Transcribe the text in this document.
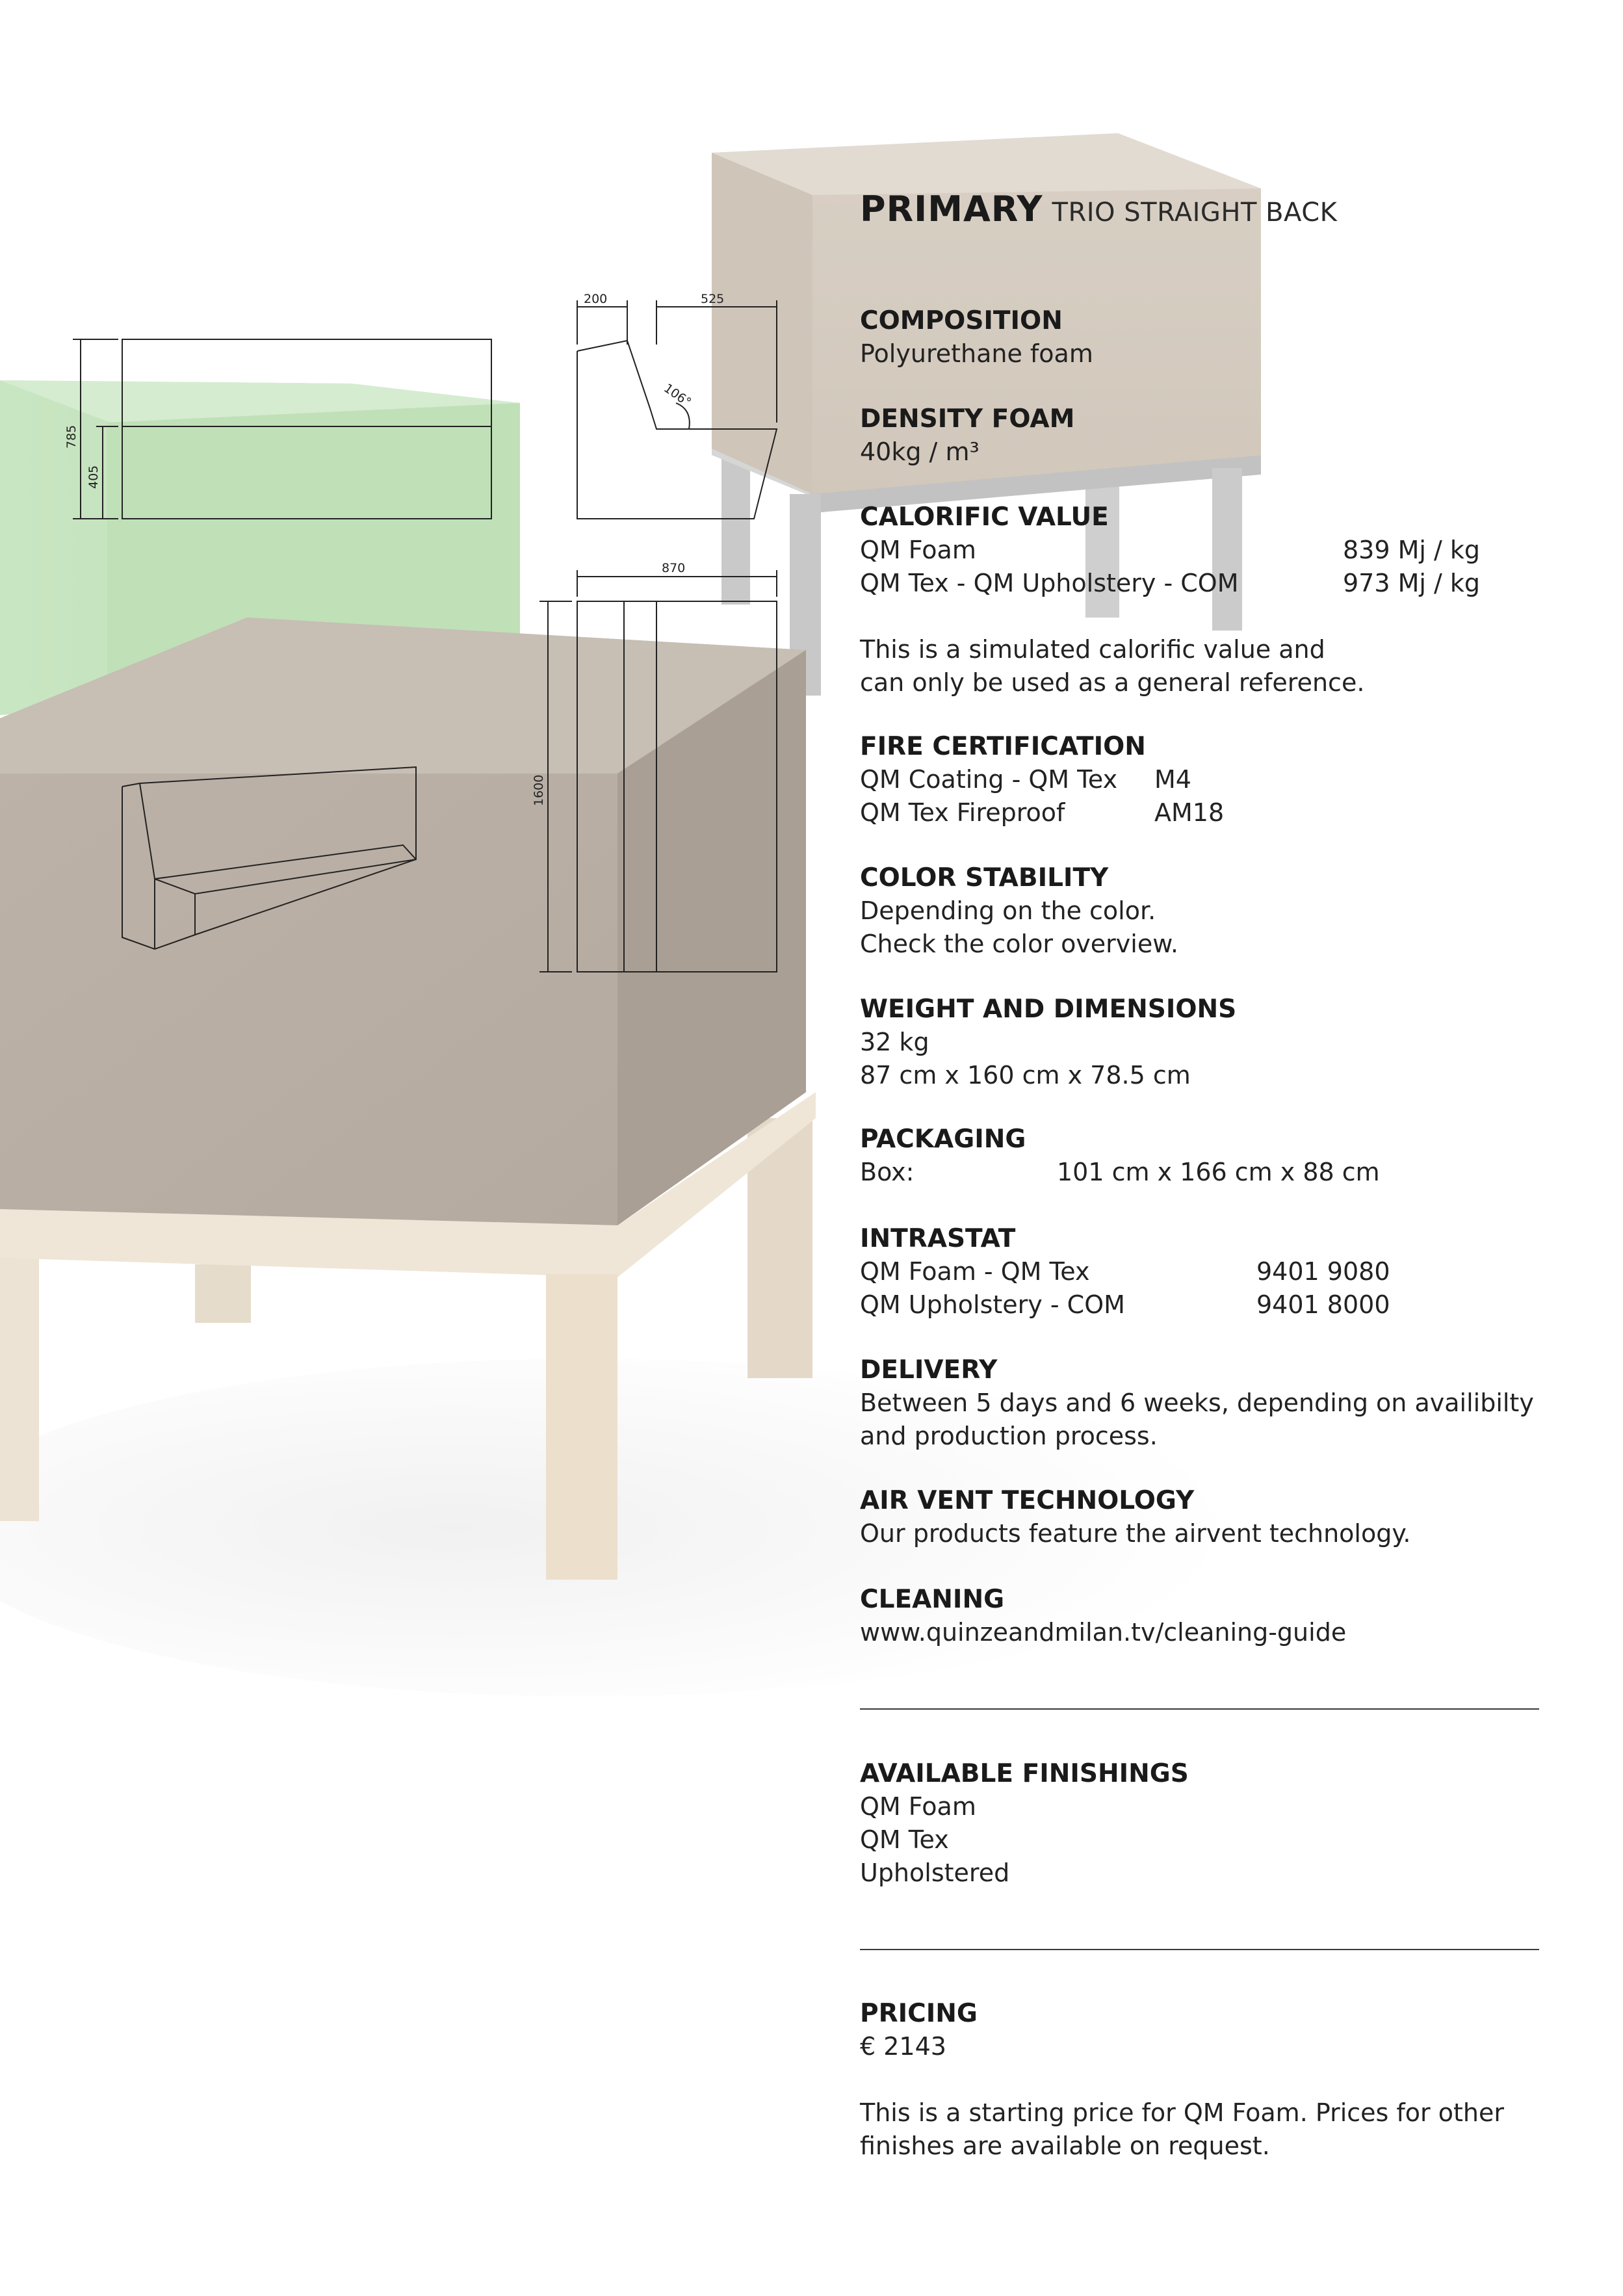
785
405
200	525
106°
870
1600
PRIMARY TRIO STRAIGHT BACK
COMPOSITION
Polyurethane foam
DENSITY FOAM
40kg / m³
CALORIFIC VALUE
QM Foam	839 Mj / kg
QM Tex - QM Upholstery - COM	973 Mj / kg
This is a simulated calorific value and
can only be used as a general reference.
FIRE CERTIFICATION
QM Coating - QM Tex M4
QM Tex Fireproof	AM18
COLOR STABILITY
Depending on the color.
Check the color overview.
WEIGHT AND DIMENSIONS
32 kg
87 cm x 160 cm x 78.5 cm
PACKAGING
Box:	101 cm x 166 cm x 88 cm
INTRASTAT
QM Foam - QM Tex	9401 9080
QM Upholstery - COM	9401 8000
DELIVERY
Between 5 days and 6 weeks, depending on availibilty
and production process.
AIR VENT TECHNOLOGY
Our products feature the airvent technology.
CLEANING
www.quinzeandmilan.tv/cleaning-guide
AVAILABLE FINISHINGS
QM Foam
QM Tex
Upholstered
PRICING
€ 2143
This is a starting price for QM Foam. Prices for other
finishes are available on request.
